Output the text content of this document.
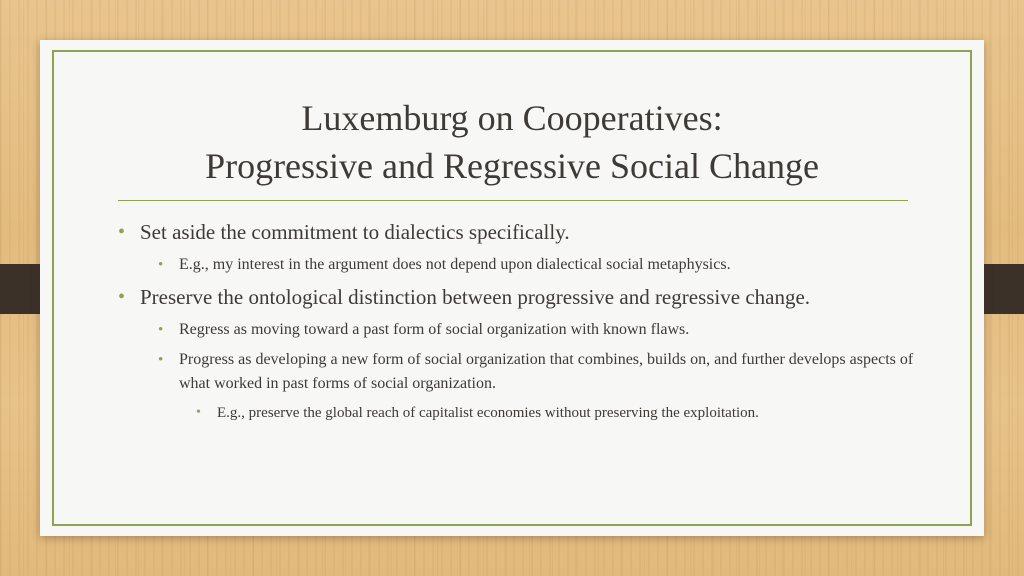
Luxemburg on Cooperatives:
Progressive and Regressive Social Change

• Set aside the commitment to dialectics specifically.

• E.g., my interest in the argument does not depend upon dialectical social metaphysics.

• Preserve the ontological distinction between progressive and regressive change.

• Regress as moving toward a past form of social organization with known flaws.

• Progress as developing a new form of social organization that combines, builds on, and further develops aspects of what worked in past forms of social organization.

• E.g., preserve the global reach of capitalist economies without preserving the exploitation.
